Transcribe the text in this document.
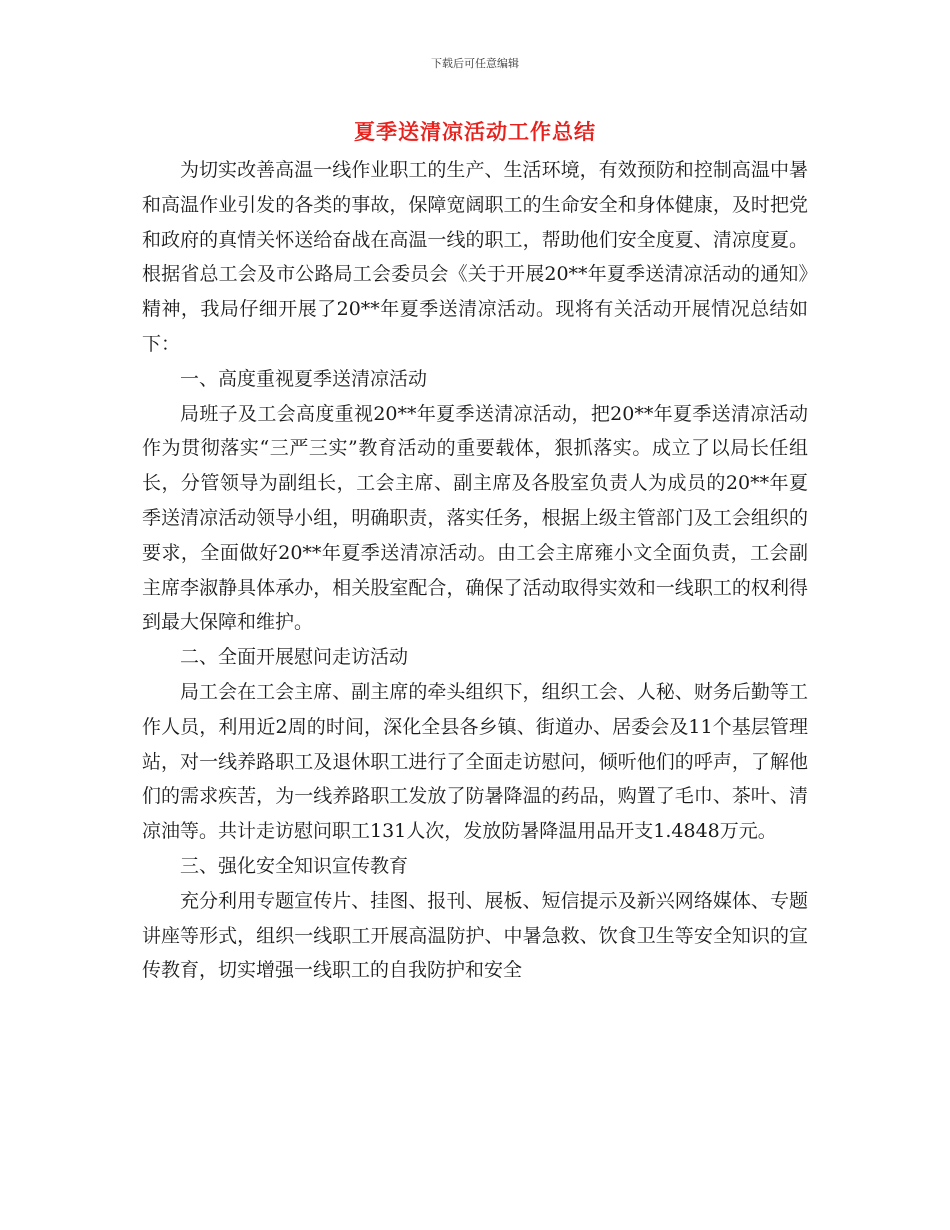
下载后可任意编辑
夏季送清凉活动工作总结

为切实改善高温一线作业职工的生产、生活环境，有效预防和控制高温中暑和高温作业引发的各类的事故，保障宽阔职工的生命安全和身体健康，及时把党和政府的真情关怀送给奋战在高温一线的职工，帮助他们安全度夏、清凉度夏。根据省总工会及市公路局工会委员会《关于开展20**年夏季送清凉活动的通知》精神，我局仔细开展了20**年夏季送清凉活动。现将有关活动开展情况总结如下：

一、高度重视夏季送清凉活动

局班子及工会高度重视20**年夏季送清凉活动，把20**年夏季送清凉活动作为贯彻落实“三严三实”教育活动的重要载体，狠抓落实。成立了以局长任组长，分管领导为副组长，工会主席、副主席及各股室负责人为成员的20**年夏季送清凉活动领导小组，明确职责，落实任务，根据上级主管部门及工会组织的要求，全面做好20**年夏季送清凉活动。由工会主席雍小文全面负责，工会副主席李淑静具体承办，相关股室配合，确保了活动取得实效和一线职工的权利得到最大保障和维护。

二、全面开展慰问走访活动

局工会在工会主席、副主席的牵头组织下，组织工会、人秘、财务后勤等工作人员，利用近2周的时间，深化全县各乡镇、街道办、居委会及11个基层管理站，对一线养路职工及退休职工进行了全面走访慰问，倾听他们的呼声，了解他们的需求疾苦，为一线养路职工发放了防暑降温的药品，购置了毛巾、茶叶、清凉油等。共计走访慰问职工131人次，发放防暑降温用品开支1.4848万元。

三、强化安全知识宣传教育

充分利用专题宣传片、挂图、报刊、展板、短信提示及新兴网络媒体、专题讲座等形式，组织一线职工开展高温防护、中暑急救、饮食卫生等安全知识的宣传教育，切实增强一线职工的自我防护和安全
